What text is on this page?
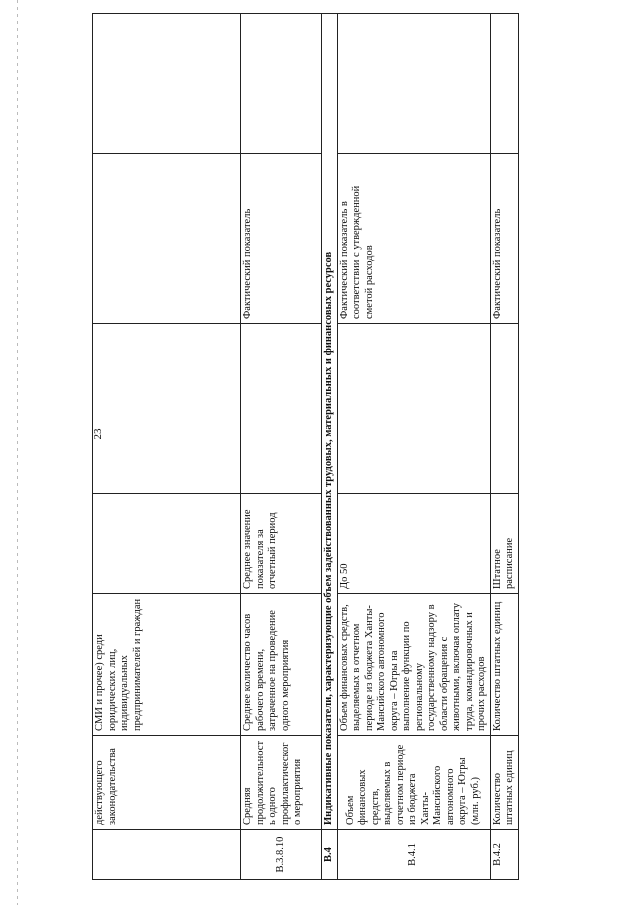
23
	действующего законодательства	СМИ и прочее) среди юридических лиц, индивидуальных предпринимателей и граждан				
B.3.8.10	Средняя продолжительност ь одного профилактическог о мероприятия	Среднее количество часов рабочего времени, затраченное на проведение одного мероприятия	Среднее значение показателя за отчетный период		Фактический показатель	
B.4	Индикативные показатели, характеризующие объем задействованных трудовых, материальных и финансовых ресурсов					
B.4.1	Объем финансовых средств, выделяемых в отчетном периоде из бюджета Ханты-Мансийского автономного округа – Югры (млн. руб.)	Объем финансовых средств, выделяемых в отчетном периоде из бюджета Ханты-Мансийского автономного округа – Югры на выполнение функции по региональному государственному надзору в области обращения с животными, включая оплату труда, командировочных и прочих расходов	До 50		Фактический показатель в соответствии с утвержденной сметой расходов	
B.4.2	Количество штатных единиц	Количество штатных единиц	Штатное расписание		Фактический показатель	
